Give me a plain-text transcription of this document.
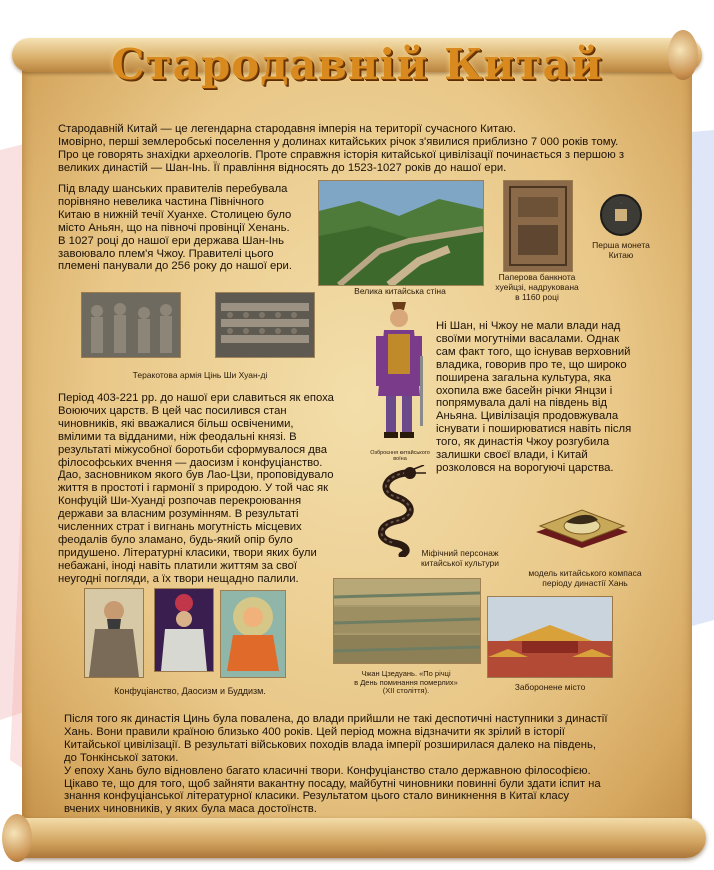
Стародавній Китай

Стародавній Китай — це легендарна стародавня імперія на території сучасного Китаю.

Імовірно, перші землеробські поселення у долинах китайських річок з'явилися приблизно 7 000 років тому.

Про це говорять знахідки археологів. Проте справжня історія китайської цивілізації починається з першою з

великих династій — Шан-Інь. Її правління відносять до 1523-1027 років до нашої ери.

Під владу шанських правителів перебувала

порівняно невелика частина Північного

Китаю в нижній течії Хуанхе. Столицею було

місто Аньян, що на півночі провінції Хенань.

В 1027 році до нашої ери держава Шан-Інь

завоювало плем'я Чжоу. Правителі цього

племені панували до 256 року до нашої ери.

Велика китайська стіна
Паперова банкнота
хуейцзі, надрукована
в 1160 році
·
Перша монета
Китаю
Теракотова армія Цінь Ши Хуан-ді
Озброєння китайського
воїна

Ні Шан, ні Чжоу не мали влади над

своїми могутніми васалами. Однак

сам факт того, що існував верховний

владика, говорив про те, що широко

поширена загальна культура, яка

охопила вже басейн річки Янцзи і

попрямувала далі на південь від

Аньяна. Цивілізація продовжувала

існувати і поширюватися навіть після

того, як династія Чжоу розгубила

залишки своєї влади, і Китай

розколовся на ворогуючі царства.

Період 403-221 рр. до нашої ери славиться як епоха

Воюючих царств. В цей час посилився стан

чиновників, які вважалися більш освіченими,

вмілими та відданими, ніж феодальні князі. В

результаті міжусобної боротьби сформувалося два

філософських вчення — даосизм і конфуціанство.

Дао, засновником якого був Лао-Цзи, проповідувало

життя в простоті і гармонії з природою. У той час як

Конфуцій Ши-Хуанді розпочав перекроювання

держави за власним розумінням. В результаті

численних страт і вигнань могутність місцевих

феодалів було зламано, будь-який опір було

придушено. Літературні класики, твори яких були

небажані, іноді навіть платили життям за свої

неугодні погляди, а їх твори нещадно палили.

Міфічний персонаж
китайської культури
модель китайського компаса
періоду династії Хань
Конфуціанство, Даосизм и Буддизм.
Чжан Цзедуань. «По річці
в День поминання померлих»
(XII століття).	Заборонене місто

Після того як династія Цинь була повалена, до влади прийшли не такі деспотичні наступники з династії

Хань. Вони правили країною близько 400 років. Цей період можна відзначити як зрілий в історії

Китайської цивілізації. В результаті військових походів влада імперії розширилася далеко на південь,

до Тонкінської затоки.

У епоху Хань було відновлено багато класичні твори. Конфуціанство стало державною філософією.

Цікаво те, що для того, щоб зайняти вакантну посаду, майбутні чиновники повинні були здати іспит на

знання конфуціанської літературної класики. Результатом цього стало виникнення в Китаї класу

вчених чиновників, у яких була маса достоїнств.
